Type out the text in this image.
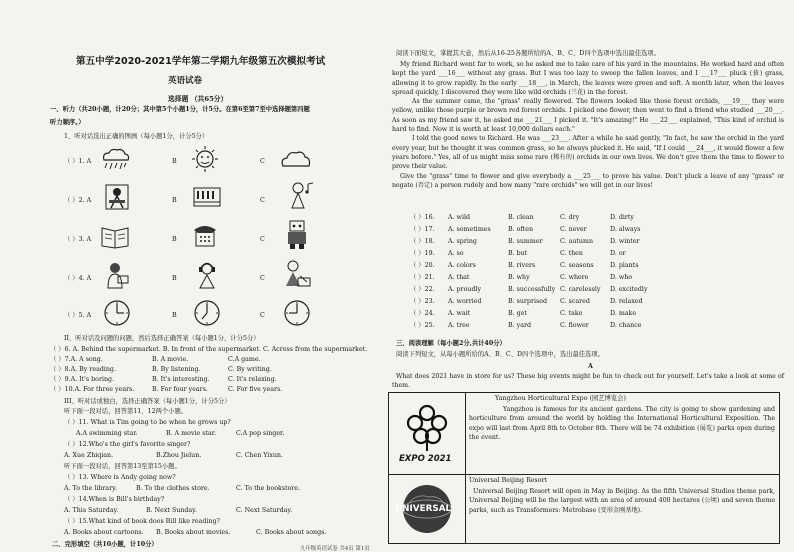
第五中学2020-2021学年第二学期九年级第五次模拟考试
英语试卷
选择题 （共65分）
一、听力（共20小题，计20分；其中第5个小题1分，计5分。在第6至第7至中选择题第四题
听力顺序。）
1、听对话选出正确的图画（每小题1分，计分5分）
（ ）1. A	B	C
（ ）2. A	B	C
（ ）3. A	B	C
（ ）4. A	B	C
（ ）5. A	B	C
II、听对话及问题的问题，然后选择正确答案（每小题1分，计分5分）
（ ）6. A. Behind the supermarket. B. In front of the supermarket. C. Across from the supermarket.
（ ）7.A. A song.	B. A movie.	C.A game.
（ ）8.A. By reading.	B. By listening.	C. By writing.
（ ）9.A. It's boring.	B. It's interesting.	C. It's relaxing.
（ ）10.A. For three years.	B. For four years.	C. For five years.
III、听对话或独白，选择正确答案（每小题1分，计分5分）
听下面一段对话，回答第11、12两个小题。
（ ）11. What is Tim going to be when he grows up?
A.A swimming star.	B. A movie star.	C.A pop singer.
（ ）12.Who's the girl's favorite singer?
A. Xue Zhiqian.	B.Zhou Jielun.	C. Chen Yixun.
听下面一段对话，回答第13至第15小题。
（ ）13. Where is Andy going now?
A. To the library.	B. To the clothes store.	C. To the bookstore.
（ ）14.When is Bill's birthday?
A. This Saturday.	B. Next Sunday.	C. Next Saturday.
（ ）15.What kind of book does Bill like reading?
A. Books about cartoons. B. Books about movies.	C. Books about songs.
二、完形填空（共10小题，计10分）
阅读下面短文，掌握其大意，然后从16-25各题所给的A、B、C、D四个选项中选出最佳选项。

My friend Richard went far to work, so he asked me to take care of his yard in the mountains. He worked hard and often kept the yard ___16___ without any grass. But I was too lazy to sweep the fallen leaves, and I ___17___ pluck (拔) grass, allowing it to grow rapidly. In the early ___18___, in March, the leaves were green and soft. A month later, when the leaves spread quickly, I discovered they were like wild orchids (兰花) in the forest.

As the summer came, the "grass" really flowered. The flowers looked like those forest orchids, ___19___ they were yellow, unlike those purple or brown red forest orchids. I picked one flower, then went to find a friend who studied ___20___. As soon as my friend saw it, he asked me ___21___ I picked it. "It's amazing!" He ___22___ explained, "This kind of orchid is hard to find. Now it is worth at least 10,000 dollars each."

I told the good news to Richard. He was ___23___. After a while he said gently, "In fact, he saw the orchid in the yard every year, but he thought it was common grass, so he always plucked it. He said, "If I could ___24___, it would flower a few years before." Yes, all of us might miss some rare (稀有的) orchids in our own lives. We don't give them the time to flower to prove their value.

Give the "grass" time to flower and give everybody a ___25___ to prove his value. Don't pluck a leave of any "grass" or negate (否定) a person rudely and how many "rare orchids" we will get in our lives!

（ ）16. A. wild	B. clean	C. dry	D. dirty
（ ）17. A. sometimes	B. often	C. never	D. always
（ ）18. A. spring	B. summer	C. autumn	D. winter
（ ）19. A. so	B. but	C. then	D. or
（ ）20. A. colors	B. rivers	C. seasons	D. plants
（ ）21. A. that	B. why	C. where	D. who
（ ）22. A. proudly	B. successfully C. carelessly D. excitedly
（ ）23. A. worried	B. surprised C. scared	D. relaxed
（ ）24. A. wait	B. get	C. take	D. make
（ ）25. A. tree	B. yard	C. flower	D. chance
三、阅读理解（每小题2分,共计40分）
阅读下列短文，从每小题所给的A、B、C、D四个选项中，选出最佳选项。
A
What does 2021 have in store for us? These big events might be fun to check out for yourself. Let's take a look at some of them.
EXPO 2021
Yangzhou Horticultural Expo (园艺博览会)
Yangzhou is famous for its ancient gardens. The city is going to show gardening and horticulture from around the world by holding the International Horticultural Exposition. The expo will last from April 8th to October 8th. There will be 74 exhibition (展览) parks open during the event.
UNIVERSAL
Universal Beijing Resort
Universal Beijing Resort will open in May in Beijing. As the fifth Universal Studios theme park, Universal Beijing will be the largest with an area of around 400 hectares (公顷) and seven theme parks, such as Transformers: Metrobase (变形金刚基地).
九年级英语试卷 共4页 第1页
